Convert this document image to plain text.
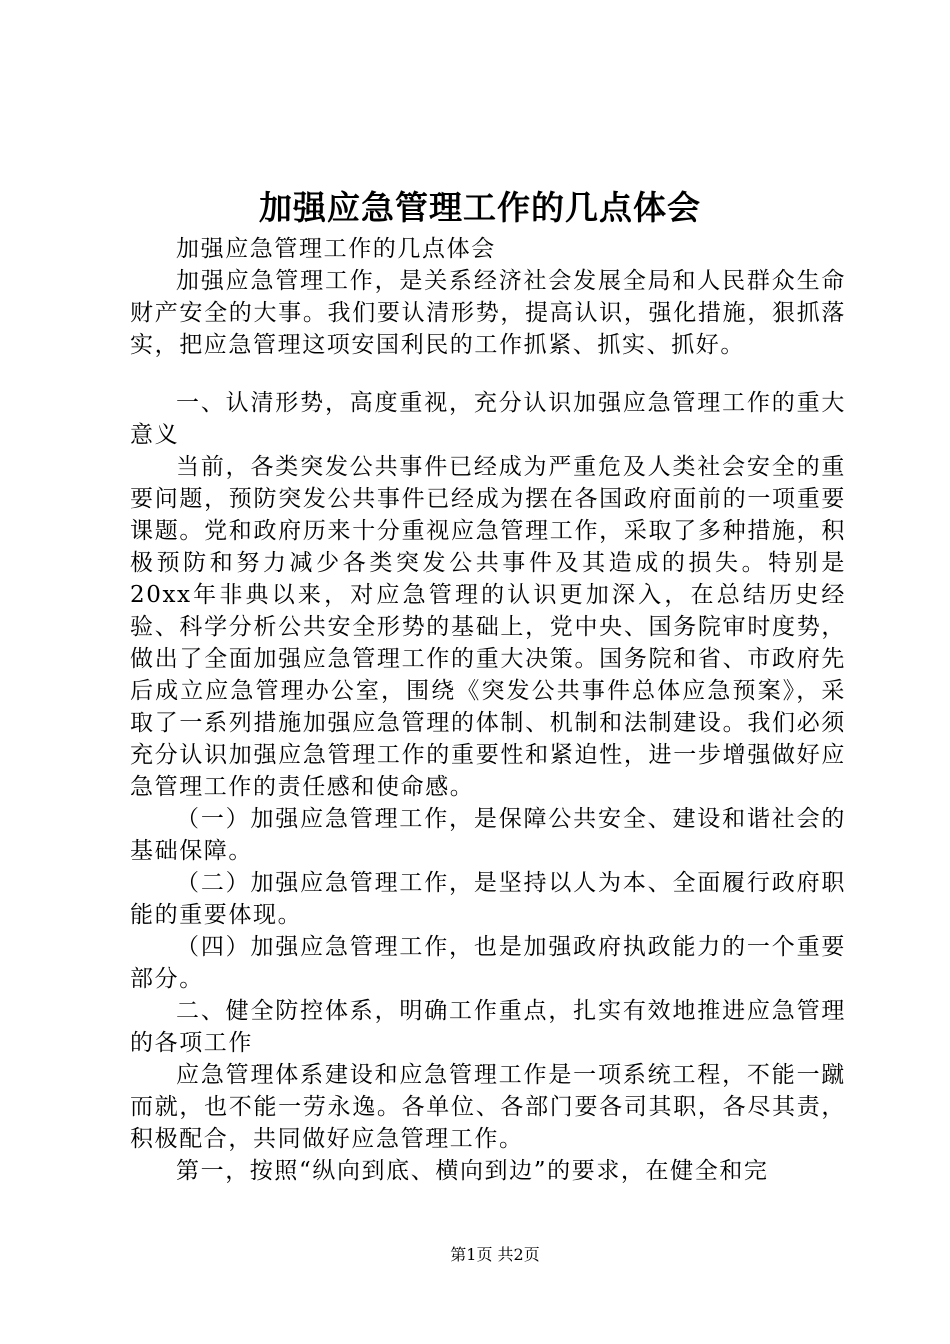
加强应急管理工作的几点体会

加强应急管理工作的几点体会

加强应急管理工作，是关系经济社会发展全局和人民群众生命财产安全的大事。我们要认清形势，提高认识，强化措施，狠抓落实，把应急管理这项安国利民的工作抓紧、抓实、抓好。

一、认清形势，高度重视，充分认识加强应急管理工作的重大意义

当前，各类突发公共事件已经成为严重危及人类社会安全的重要问题，预防突发公共事件已经成为摆在各国政府面前的一项重要课题。党和政府历来十分重视应急管理工作，采取了多种措施，积极预防和努力减少各类突发公共事件及其造成的损失。特别是20xx年非典以来，对应急管理的认识更加深入，在总结历史经验、科学分析公共安全形势的基础上，党中央、国务院审时度势，做出了全面加强应急管理工作的重大决策。国务院和省、市政府先后成立应急管理办公室，围绕《突发公共事件总体应急预案》，采取了一系列措施加强应急管理的体制、机制和法制建设。我们必须充分认识加强应急管理工作的重要性和紧迫性，进一步增强做好应急管理工作的责任感和使命感。

（一）加强应急管理工作，是保障公共安全、建设和谐社会的基础保障。

（二）加强应急管理工作，是坚持以人为本、全面履行政府职能的重要体现。

（四）加强应急管理工作，也是加强政府执政能力的一个重要部分。

二、健全防控体系，明确工作重点，扎实有效地推进应急管理的各项工作

应急管理体系建设和应急管理工作是一项系统工程，不能一蹴而就，也不能一劳永逸。各单位、各部门要各司其职，各尽其责，积极配合，共同做好应急管理工作。

第一，按照“纵向到底、横向到边”的要求，在健全和完

第1页 共2页
